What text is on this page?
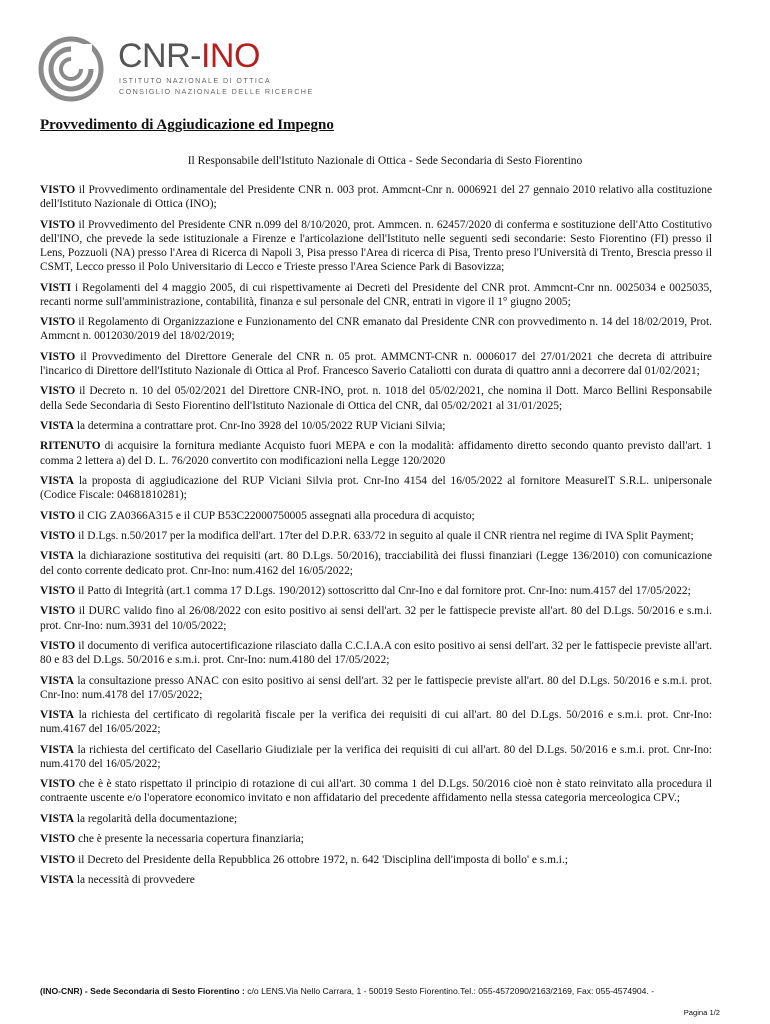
CNR-INO
ISTITUTO NAZIONALE DI OTTICA
CONSIGLIO NAZIONALE DELLE RICERCHE
Provvedimento di Aggiudicazione ed Impegno
Il Responsabile dell'Istituto Nazionale di Ottica - Sede Secondaria di Sesto Fiorentino
VISTO il Provvedimento ordinamentale del Presidente CNR n. 003 prot. Ammcnt-Cnr n. 0006921 del 27 gennaio 2010 relativo alla costituzione dell'Istituto Nazionale di Ottica (INO);
VISTO il Provvedimento del Presidente CNR n.099 del 8/10/2020, prot. Ammcen. n. 62457/2020 di conferma e sostituzione dell'Atto Costitutivo dell'INO, che prevede la sede istituzionale a Firenze e l'articolazione dell'Istituto nelle seguenti sedi secondarie: Sesto Fiorentino (FI) presso il Lens, Pozzuoli (NA) presso l'Area di Ricerca di Napoli 3, Pisa presso l'Area di ricerca di Pisa, Trento preso l'Università di Trento, Brescia presso il CSMT, Lecco presso il Polo Universitario di Lecco e Trieste presso l'Area Science Park di Basovizza;
VISTI i Regolamenti del 4 maggio 2005, di cui rispettivamente ai Decreti del Presidente del CNR prot. Ammcnt-Cnr nn. 0025034 e 0025035, recanti norme sull'amministrazione, contabilità, finanza e sul personale del CNR, entrati in vigore il 1° giugno 2005;
VISTO il Regolamento di Organizzazione e Funzionamento del CNR emanato dal Presidente CNR con provvedimento n. 14 del 18/02/2019, Prot. Ammcnt n. 0012030/2019 del 18/02/2019;
VISTO il Provvedimento del Direttore Generale del CNR n. 05 prot. AMMCNT-CNR n. 0006017 del 27/01/2021 che decreta di attribuire l'incarico di Direttore dell'Istituto Nazionale di Ottica al Prof. Francesco Saverio Cataliotti con durata di quattro anni a decorrere dal 01/02/2021;
VISTO il Decreto n. 10 del 05/02/2021 del Direttore CNR-INO, prot. n. 1018 del 05/02/2021, che nomina il Dott. Marco Bellini Responsabile della Sede Secondaria di Sesto Fiorentino dell'Istituto Nazionale di Ottica del CNR, dal 05/02/2021 al 31/01/2025;
VISTA la determina a contrattare prot. Cnr-Ino 3928 del 10/05/2022 RUP Viciani Silvia;
RITENUTO di acquisire la fornitura mediante Acquisto fuori MEPA e con la modalità: affidamento diretto secondo quanto previsto dall'art. 1 comma 2 lettera a) del D. L. 76/2020 convertito con modificazioni nella Legge 120/2020
VISTA la proposta di aggiudicazione del RUP Viciani Silvia prot. Cnr-Ino 4154 del 16/05/2022 al fornitore MeasureIT S.R.L. unipersonale (Codice Fiscale: 04681810281);
VISTO il CIG ZA0366A315 e il CUP B53C22000750005 assegnati alla procedura di acquisto;
VISTO il D.Lgs. n.50/2017 per la modifica dell'art. 17ter del D.P.R. 633/72 in seguito al quale il CNR rientra nel regime di IVA Split Payment;
VISTA la dichiarazione sostitutiva dei requisiti (art. 80 D.Lgs. 50/2016), tracciabilità dei flussi finanziari (Legge 136/2010) con comunicazione del conto corrente dedicato prot. Cnr-Ino: num.4162 del 16/05/2022;
VISTO il Patto di Integrità (art.1 comma 17 D.Lgs. 190/2012) sottoscritto dal Cnr-Ino e dal fornitore prot. Cnr-Ino: num.4157 del 17/05/2022;
VISTO il DURC valido fino al 26/08/2022 con esito positivo ai sensi dell'art. 32 per le fattispecie previste all'art. 80 del D.Lgs. 50/2016 e s.m.i. prot. Cnr-Ino: num.3931 del 10/05/2022;
VISTO il documento di verifica autocertificazione rilasciato dalla C.C.I.A.A con esito positivo ai sensi dell'art. 32 per le fattispecie previste all'art. 80 e 83 del D.Lgs. 50/2016 e s.m.i. prot. Cnr-Ino: num.4180 del 17/05/2022;
VISTA la consultazione presso ANAC con esito positivo ai sensi dell'art. 32 per le fattispecie previste all'art. 80 del D.Lgs. 50/2016 e s.m.i. prot. Cnr-Ino: num.4178 del 17/05/2022;
VISTA la richiesta del certificato di regolarità fiscale per la verifica dei requisiti di cui all'art. 80 del D.Lgs. 50/2016 e s.m.i. prot. Cnr-Ino: num.4167 del 16/05/2022;
VISTA la richiesta del certificato del Casellario Giudiziale per la verifica dei requisiti di cui all'art. 80 del D.Lgs. 50/2016 e s.m.i. prot. Cnr-Ino: num.4170 del 16/05/2022;
VISTO che è è stato rispettato il principio di rotazione di cui all'art. 30 comma 1 del D.Lgs. 50/2016 cioè non è stato reinvitato alla procedura il contraente uscente e/o l'operatore economico invitato e non affidatario del precedente affidamento nella stessa categoria merceologica CPV.;
VISTA la regolarità della documentazione;
VISTO che è presente la necessaria copertura finanziaria;
VISTO il Decreto del Presidente della Repubblica 26 ottobre 1972, n. 642 'Disciplina dell'imposta di bollo' e s.m.i.;
VISTA la necessità di provvedere
(INO-CNR) - Sede Secondaria di Sesto Fiorentino : c/o LENS.Via Nello Carrara, 1 - 50019 Sesto Fiorentino.Tel.: 055-4572090/2163/2169, Fax: 055-4574904. -
Pagina 1/2
